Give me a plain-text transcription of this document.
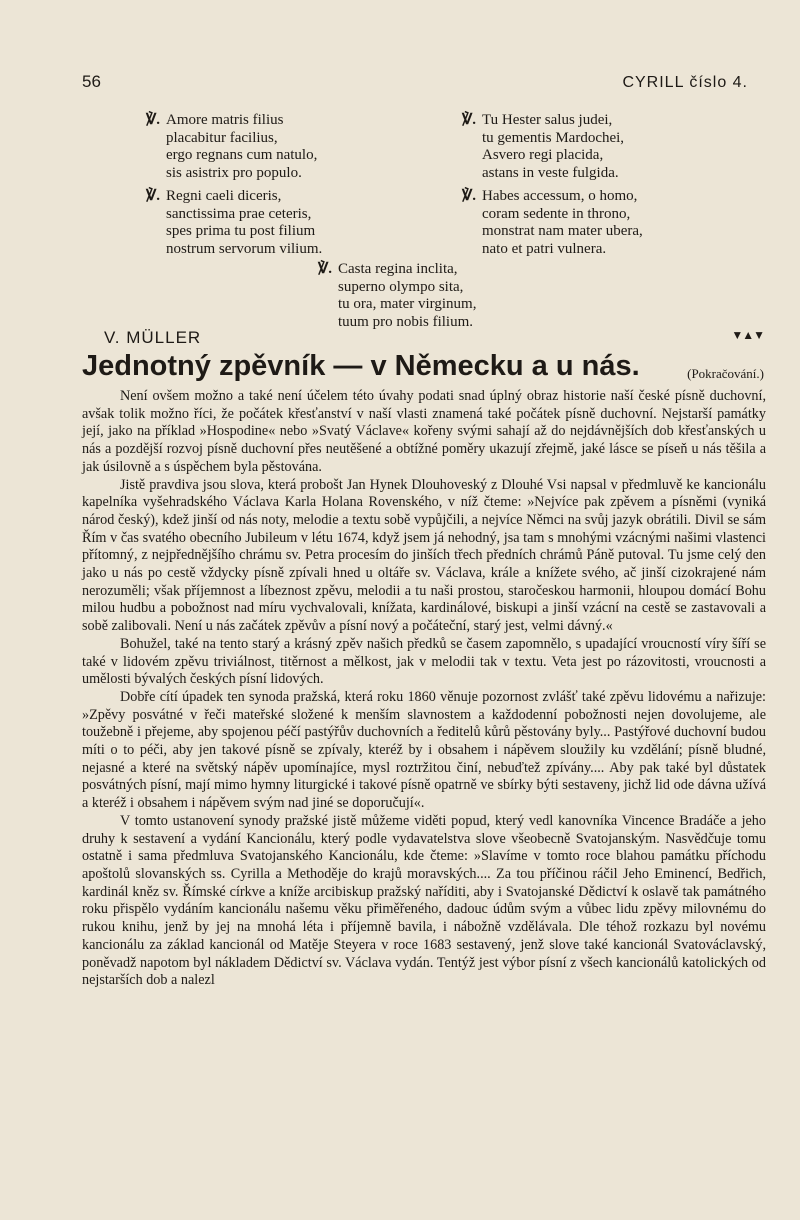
56	CYRILL číslo 4.
℣. Amore matris filius
placabitur facilius,
ergo regnans cum natulo,
sis asistrix pro populo.
℣. Regni caeli diceris,
sanctissima prae ceteris,
spes prima tu post filium
nostrum servorum vilium.
℣. Tu Hester salus judei,
tu gementis Mardochei,
Asvero regi placida,
astans in veste fulgida.
℣. Habes accessum, o homo,
coram sedente in throno,
monstrat nam mater ubera,
nato et patri vulnera.
℣. Casta regina inclita,
superno olympo sita,
tu ora, mater virginum,
tuum pro nobis filium.
V. MÜLLER	▼▲▼
Jednotný zpěvník — v Německu a u nás.	(Pokračování.)

Není ovšem možno a také není účelem této úvahy podati snad úplný obraz historie naší české písně duchovní, avšak tolik možno říci, že počátek křesťanství v naší vlasti znamená také počátek písně duchovní. Nejstarší památky její, jako na příklad »Hospodine« nebo »Svatý Václave« kořeny svými sahají až do nejdávnějších dob křesťanských u nás a pozdější rozvoj písně duchovní přes neutěšené a obtížné poměry ukazují zřejmě, jaké lásce se píseň u nás těšila a jak úsilovně a s úspěchem byla pěstována.

Jistě pravdiva jsou slova, která probošt Jan Hynek Dlouhoveský z Dlouhé Vsi napsal v předmluvě ke kancionálu kapelníka vyšehradského Václava Karla Holana Rovenského, v níž čteme: »Nejvíce pak zpěvem a písněmi (vyniká národ český), kdež jinší od nás noty, melodie a textu sobě vypůjčili, a nejvíce Němci na svůj jazyk obrátili. Divil se sám Řím v čas svatého obecního Jubileum v létu 1674, když jsem já nehodný, jsa tam s mnohými vzácnými našimi vlastenci přítomný, z nejpřednějšího chrámu sv. Petra procesím do jinších třech předních chrámů Páně putoval. Tu jsme celý den jako u nás po cestě vždycky písně zpívali hned u oltáře sv. Václava, krále a knížete svého, ač jinší cizokrajené nám nerozuměli; však příjemnost a líbeznost zpěvu, melodii a tu naši prostou, staročeskou harmonii, hloupou domácí Bohu milou hudbu a pobožnost nad míru vychvalovali, knížata, kardinálové, biskupi a jinší vzácní na cestě se zastavovali a sobě zalibovali. Není u nás začátek zpěvův a písní nový a počáteční, starý jest, velmi dávný.«

Bohužel, také na tento starý a krásný zpěv našich předků se časem zapomnělo, s upadající vroucností víry šíří se také v lidovém zpěvu triviálnost, titěrnost a mělkost, jak v melodii tak v textu. Veta jest po rázovitosti, vroucnosti a umělosti bývalých českých písní lidových.

Dobře cítí úpadek ten synoda pražská, která roku 1860 věnuje pozornost zvlášť také zpěvu lidovému a nařizuje: »Zpěvy posvátné v řeči mateřské složené k menším slavnostem a každodenní pobožnosti nejen dovolujeme, ale toužebně i přejeme, aby spojenou péčí pastýřův duchovních a ředitelů kůrů pěstovány byly... Pastýřové duchovní budou míti o to péči, aby jen takové písně se zpívaly, kteréž by i obsahem i nápěvem sloužily ku vzdělání; písně bludné, nejasné a které na světský nápěv upomínajíce, mysl roztržitou činí, nebuďtež zpívány.... Aby pak také byl důstatek posvátných písní, mají mimo hymny liturgické i takové písně opatrně ve sbírky býti sestaveny, jichž lid ode dávna užívá a kteréž i obsahem i nápěvem svým nad jiné se doporučují«.

V tomto ustanovení synody pražské jistě můžeme viděti popud, který vedl kanovníka Vincence Bradáče a jeho druhy k sestavení a vydání Kancionálu, který podle vydavatelstva slove všeobecně Svatojanským. Nasvědčuje tomu ostatně i sama předmluva Svatojanského Kancionálu, kde čteme: »Slavíme v tomto roce blahou památku příchodu apoštolů slovanských ss. Cyrilla a Methoděje do krajů moravských.... Za tou příčinou ráčil Jeho Eminencí, Bedřich, kardinál kněz sv. Římské církve a kníže arcibiskup pražský naříditi, aby i Svatojanské Dědictví k oslavě tak památného roku přispělo vydáním kancionálu našemu věku přiměřeného, dadouc údům svým a vůbec lidu zpěvy milovnému do rukou knihu, jenž by jej na mnohá léta i příjemně bavila, i nábožně vzdělávala. Dle téhož rozkazu byl novému kancionálu za základ kancionál od Matěje Steyera v roce 1683 sestavený, jenž slove také kancionál Svatováclavský, poněvadž napotom byl nákladem Dědictví sv. Václava vydán. Tentýž jest výbor písní z všech kancionálů katolických od nejstarších dob a nalezl
